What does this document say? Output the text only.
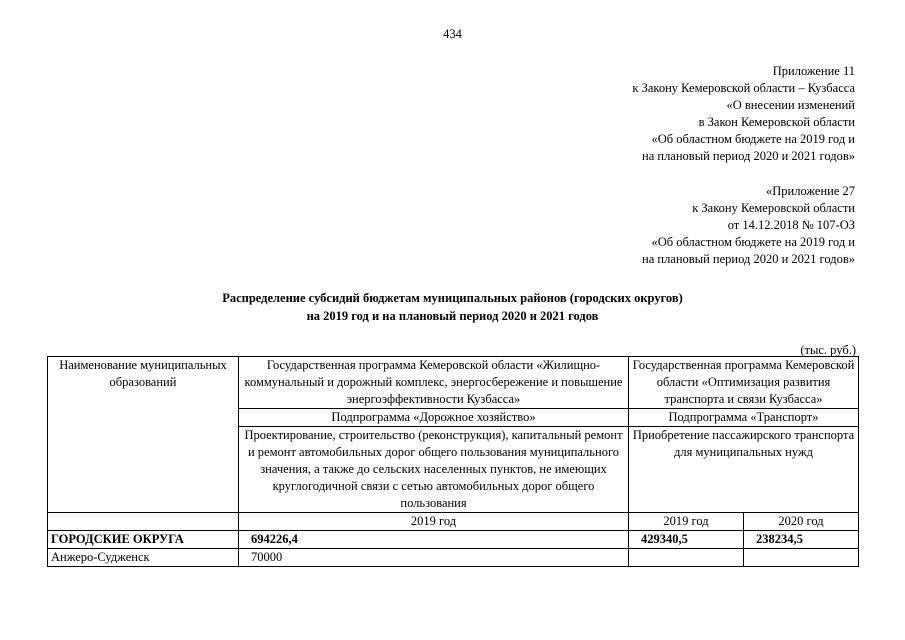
434
Приложение 11
к Закону Кемеровской области – Кузбасса
«О внесении изменений
в Закон Кемеровской области
«Об областном бюджете на 2019 год и
на плановый период 2020 и 2021 годов»
«Приложение 27
к Закону Кемеровской области
от 14.12.2018 № 107-ОЗ
«Об областном бюджете на 2019 год и
на плановый период 2020 и 2021 годов»
Распределение субсидий бюджетам муниципальных районов (городских округов)
на 2019 год и на плановый период 2020 и 2021 годов
(тыс. руб.)
Наименование муниципальных образований	Государственная программа Кемеровской области «Жилищно-коммунальный и дорожный комплекс, энергосбережение и повышение энергоэффективности Кузбасса»	Государственная программа Кемеровской области «Оптимизация развития транспорта и связи Кузбасса»	
	Подпрограмма «Дорожное хозяйство»	Подпрограмма «Транспорт»	
	Проектирование, строительство (реконструкция), капитальный ремонт и ремонт автомобильных дорог общего пользования муниципального значения, а также до сельских населенных пунктов, не имеющих круглогодичной связи с сетью автомобильных дорог общего пользования	Приобретение пассажирского транспорта для муниципальных нужд	
	2019 год	2019 год	2020 год
ГОРОДСКИЕ ОКРУГА	694226,4	429340,5	238234,5
Анжеро-Судженск	70000		
